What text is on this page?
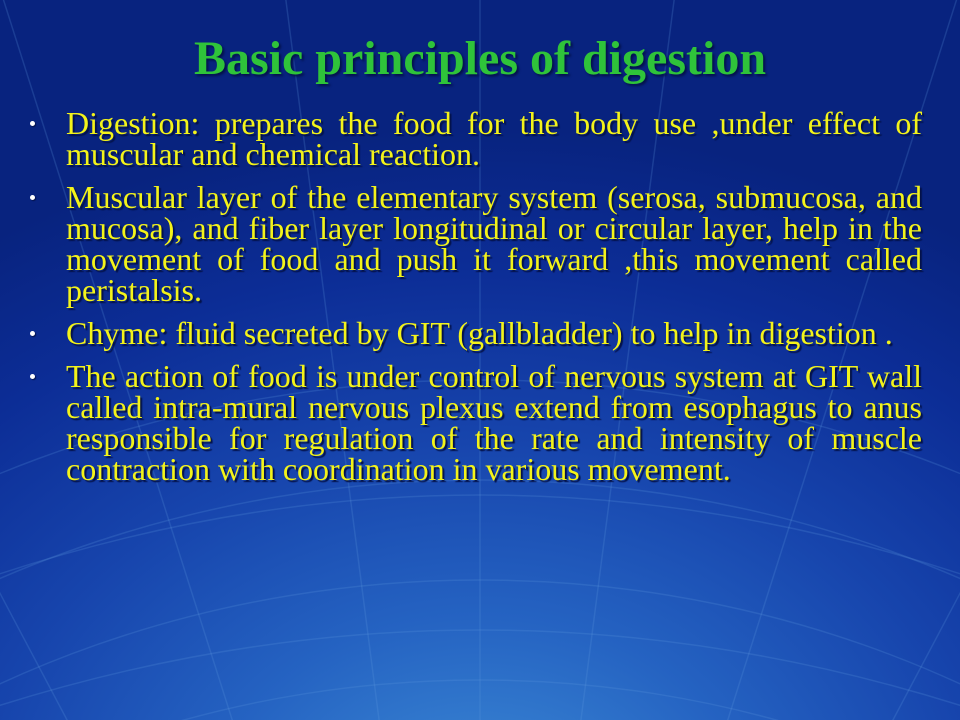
Basic principles of digestion
Digestion: prepares the food for the body use ,under effect of muscular and chemical reaction.
Muscular layer of the elementary system (serosa, submucosa, and mucosa), and fiber layer longitudinal or circular layer, help in the movement of food and push it forward ,this movement called peristalsis.
Chyme: fluid secreted by GIT (gallbladder) to help in digestion .
The action of food is under control of nervous system at GIT wall called intra-mural nervous plexus extend from esophagus to anus responsible for regulation of the rate and intensity of muscle contraction with coordination in various movement.
